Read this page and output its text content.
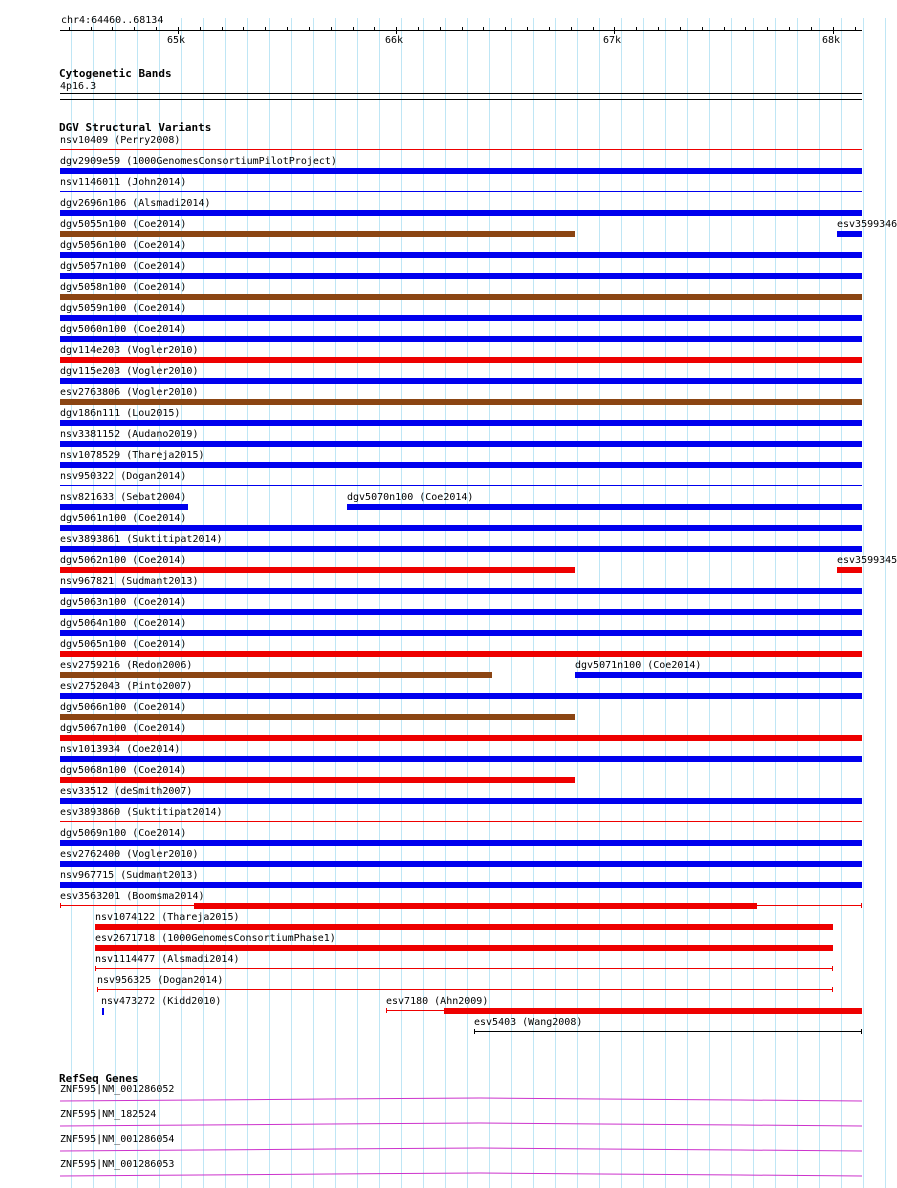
chr4:64460..68134
65k	66k	67k	68k
Cytogenetic Bands
4p16.3
DGV Structural Variants
nsv10409 (Perry2008)
dgv2909e59 (1000GenomesConsortiumPilotProject)
nsv1146011 (John2014)
dgv2696n106 (Alsmadi2014)
dgv5055n100 (Coe2014)	esv3599346
dgv5056n100 (Coe2014)
dgv5057n100 (Coe2014)
dgv5058n100 (Coe2014)
dgv5059n100 (Coe2014)
dgv5060n100 (Coe2014)
dgv114e203 (Vogler2010)
dgv115e203 (Vogler2010)
esv2763806 (Vogler2010)
dgv186n111 (Lou2015)
nsv3381152 (Audano2019)
nsv1078529 (Thareja2015)
nsv950322 (Dogan2014)
nsv821633 (Sebat2004)	dgv5070n100 (Coe2014)
dgv5061n100 (Coe2014)
esv3893861 (Suktitipat2014)
dgv5062n100 (Coe2014)	esv3599345
nsv967821 (Sudmant2013)
dgv5063n100 (Coe2014)
dgv5064n100 (Coe2014)
dgv5065n100 (Coe2014)
esv2759216 (Redon2006)	dgv5071n100 (Coe2014)
esv2752043 (Pinto2007)
dgv5066n100 (Coe2014)
dgv5067n100 (Coe2014)
nsv1013934 (Coe2014)
dgv5068n100 (Coe2014)
esv33512 (deSmith2007)
esv3893860 (Suktitipat2014)
dgv5069n100 (Coe2014)
esv2762400 (Vogler2010)
nsv967715 (Sudmant2013)
esv3563201 (Boomsma2014)
nsv1074122 (Thareja2015)
esv2671718 (1000GenomesConsortiumPhase1)
nsv1114477 (Alsmadi2014)
nsv956325 (Dogan2014)
nsv473272 (Kidd2010)	esv7180 (Ahn2009)
esv5403 (Wang2008)
RefSeq Genes
ZNF595|NM_001286052
ZNF595|NM_182524
ZNF595|NM_001286054
ZNF595|NM_001286053
